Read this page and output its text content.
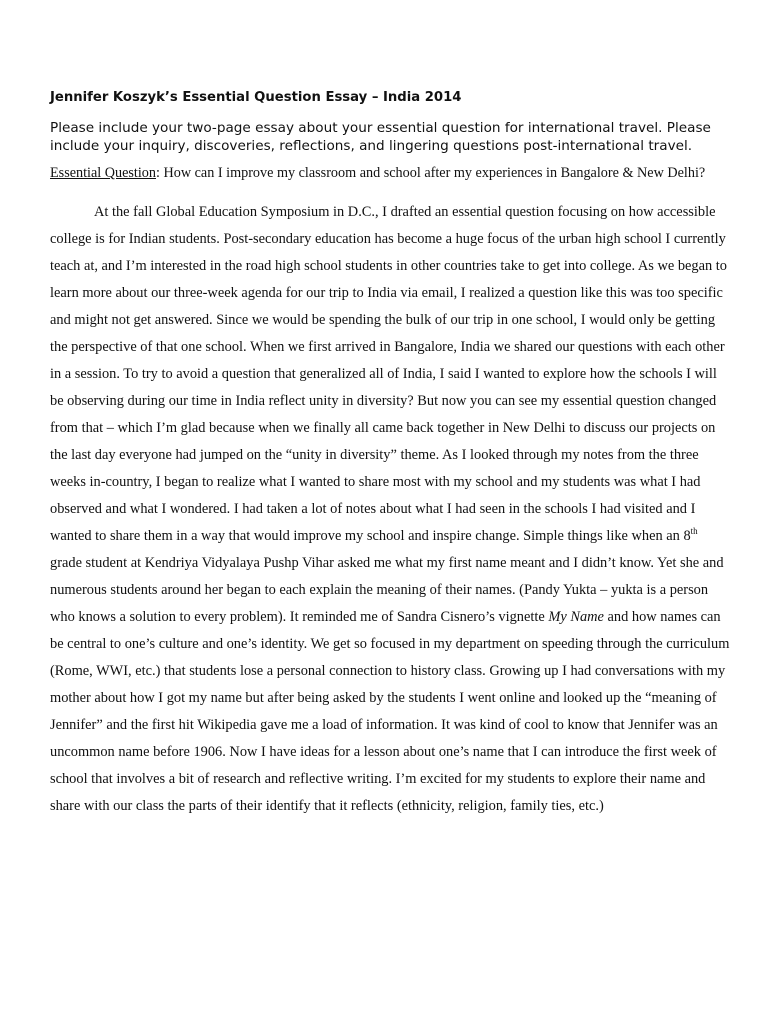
Jennifer Koszyk’s Essential Question Essay – India 2014

Please include your two-page essay about your essential question for international travel. Please include your inquiry, discoveries, reflections, and lingering questions post-international travel.

Essential Question: How can I improve my classroom and school after my experiences in Bangalore & New Delhi?

At the fall Global Education Symposium in D.C., I drafted an essential question focusing on how accessible college is for Indian students. Post-secondary education has become a huge focus of the urban high school I currently teach at, and I’m interested in the road high school students in other countries take to get into college. As we began to learn more about our three-week agenda for our trip to India via email, I realized a question like this was too specific and might not get answered. Since we would be spending the bulk of our trip in one school, I would only be getting the perspective of that one school. When we first arrived in Bangalore, India we shared our questions with each other in a session. To try to avoid a question that generalized all of India, I said I wanted to explore how the schools I will be observing during our time in India reflect unity in diversity? But now you can see my essential question changed from that – which I’m glad because when we finally all came back together in New Delhi to discuss our projects on the last day everyone had jumped on the “unity in diversity” theme. As I looked through my notes from the three weeks in-country, I began to realize what I wanted to share most with my school and my students was what I had observed and what I wondered. I had taken a lot of notes about what I had seen in the schools I had visited and I wanted to share them in a way that would improve my school and inspire change. Simple things like when an 8th grade student at Kendriya Vidyalaya Pushp Vihar asked me what my first name meant and I didn’t know. Yet she and numerous students around her began to each explain the meaning of their names. (Pandy Yukta – yukta is a person who knows a solution to every problem). It reminded me of Sandra Cisnero’s vignette My Name and how names can be central to one’s culture and one’s identity. We get so focused in my department on speeding through the curriculum (Rome, WWI, etc.) that students lose a personal connection to history class. Growing up I had conversations with my mother about how I got my name but after being asked by the students I went online and looked up the “meaning of Jennifer” and the first hit Wikipedia gave me a load of information. It was kind of cool to know that Jennifer was an uncommon name before 1906. Now I have ideas for a lesson about one’s name that I can introduce the first week of school that involves a bit of research and reflective writing. I’m excited for my students to explore their name and share with our class the parts of their identify that it reflects (ethnicity, religion, family ties, etc.)
